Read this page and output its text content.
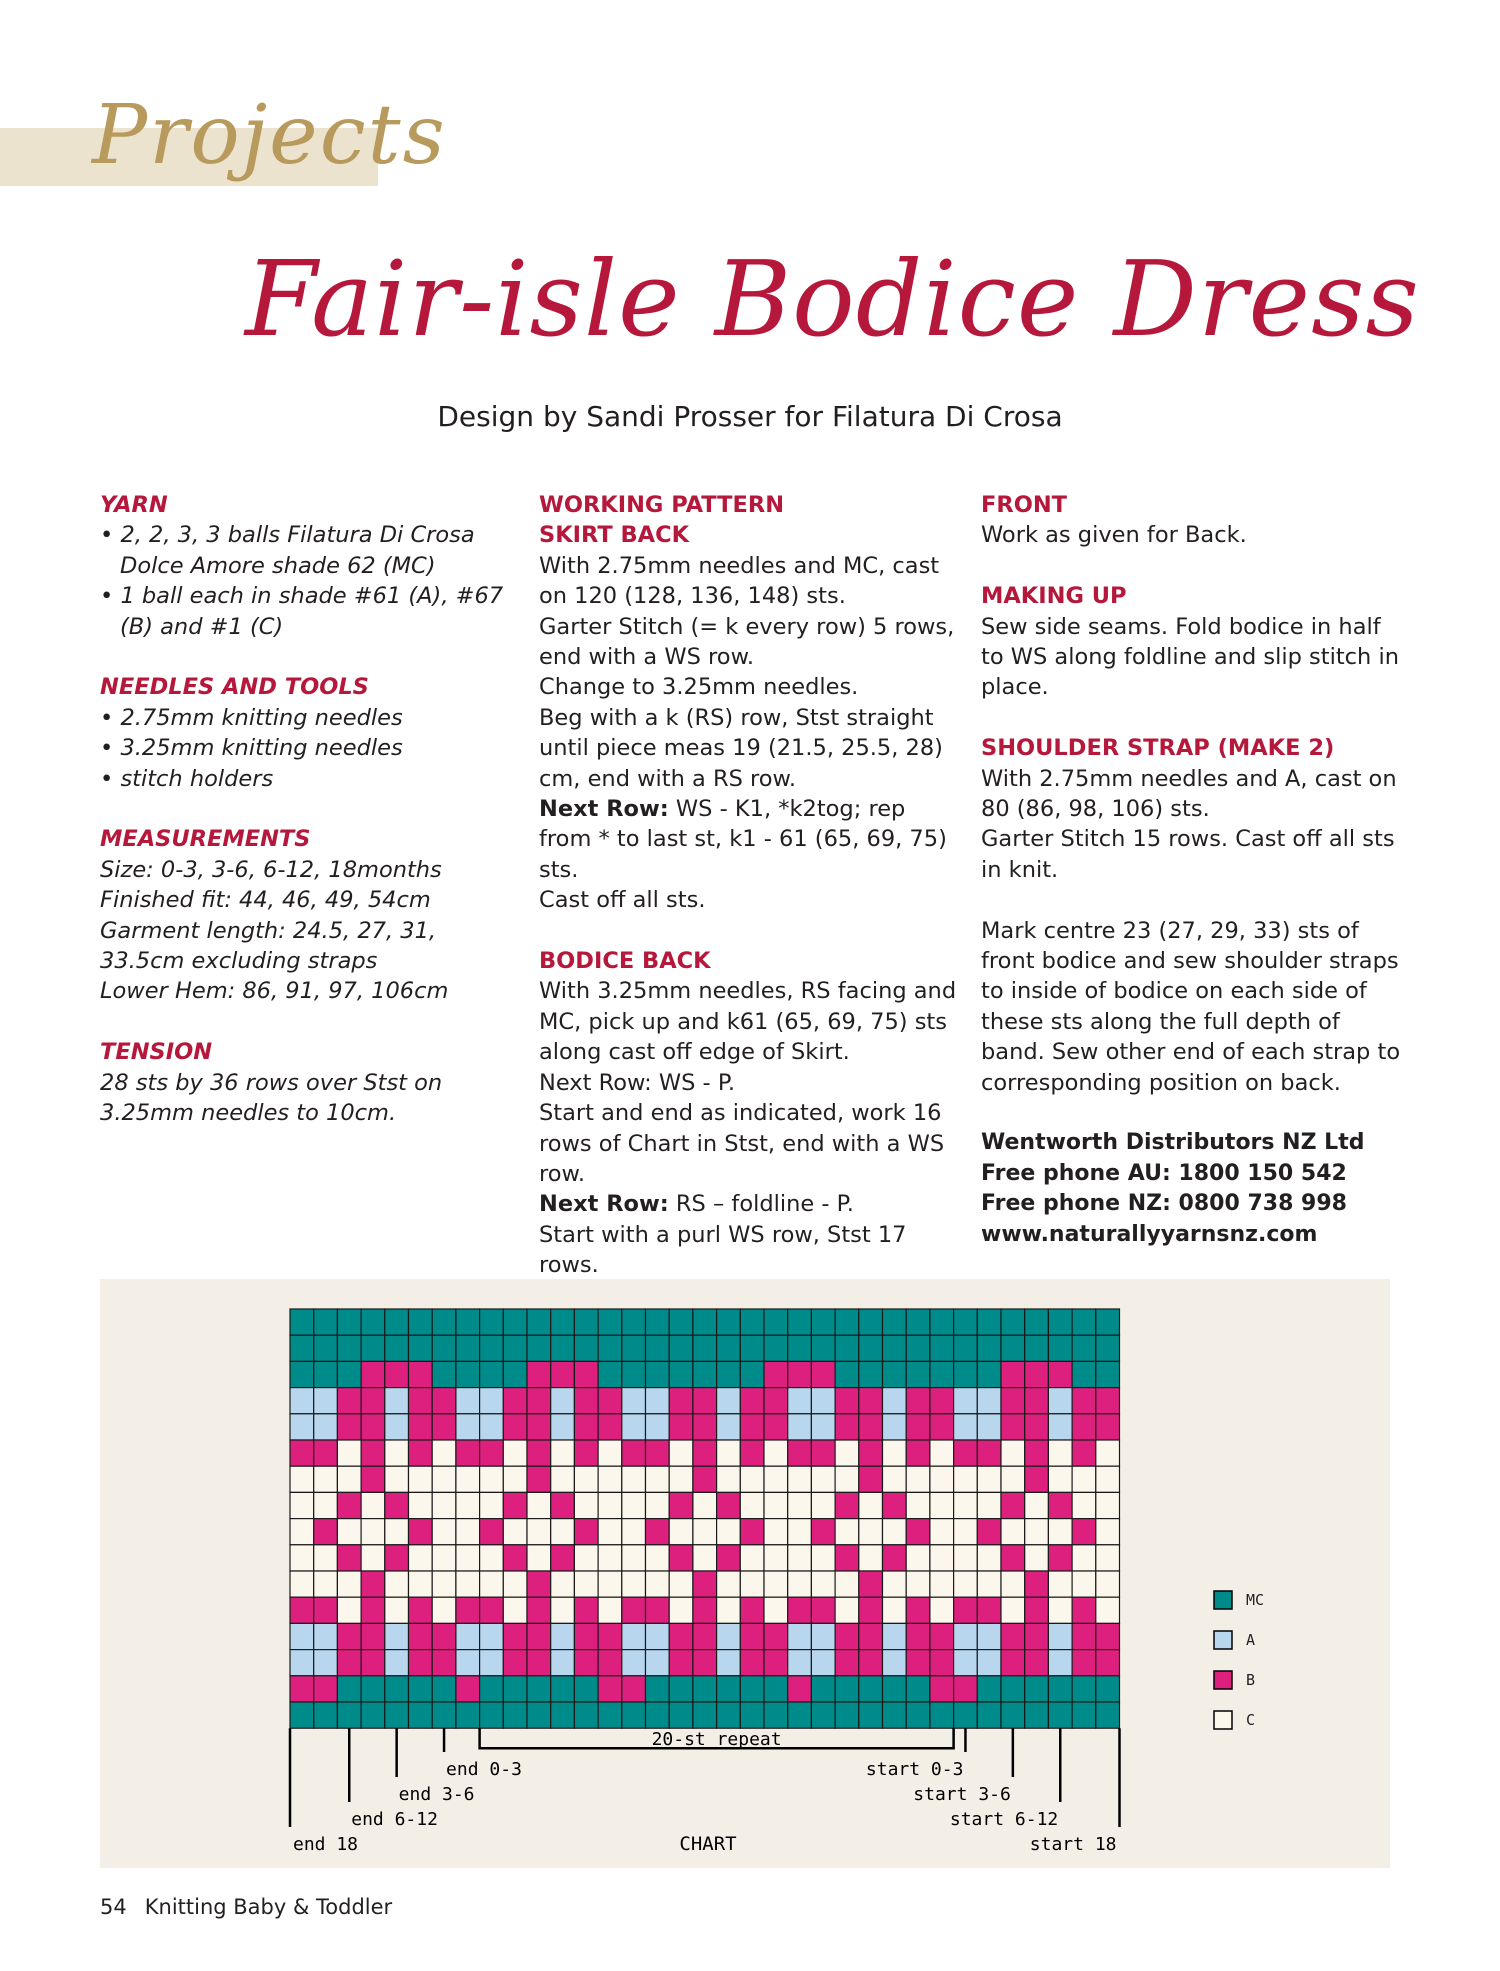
Projects
Fair-isle Bodice Dress
Design by Sandi Prosser for Filatura Di Crosa
YARN
• 2, 2, 3, 3 balls Filatura Di Crosa Dolce Amore shade 62 (MC)
• 1 ball each in shade #61 (A), #67 (B) and #1 (C)
NEEDLES AND TOOLS
• 2.75mm knitting needles
• 3.25mm knitting needles
• stitch holders
MEASUREMENTS
Size: 0-3, 3-6, 6-12, 18months
Finished fit: 44, 46, 49, 54cm
Garment length: 24.5, 27, 31, 33.5cm excluding straps
Lower Hem: 86, 91, 97, 106cm
TENSION
28 sts by 36 rows over Stst on 3.25mm needles to 10cm.
WORKING PATTERN
SKIRT BACK
With 2.75mm needles and MC, cast on 120 (128, 136, 148) sts.
Garter Stitch (= k every row) 5 rows, end with a WS row.
Change to 3.25mm needles.
Beg with a k (RS) row, Stst straight until piece meas 19 (21.5, 25.5, 28) cm, end with a RS row.
Next Row: WS - K1, *k2tog; rep from * to last st, k1 - 61 (65, 69, 75) sts.
Cast off all sts.
BODICE BACK
With 3.25mm needles, RS facing and MC, pick up and k61 (65, 69, 75) sts along cast off edge of Skirt.
Next Row: WS - P.
Start and end as indicated, work 16 rows of Chart in Stst, end with a WS row.
Next Row: RS – foldline - P.
Start with a purl WS row, Stst 17 rows.
FRONT
Work as given for Back.
MAKING UP
Sew side seams. Fold bodice in half to WS along foldline and slip stitch in place.
SHOULDER STRAP (MAKE 2)
With 2.75mm needles and A, cast on 80 (86, 98, 106) sts.
Garter Stitch 15 rows. Cast off all sts in knit.
Mark centre 23 (27, 29, 33) sts of front bodice and sew shoulder straps to inside of bodice on each side of these sts along the full depth of band. Sew other end of each strap to corresponding position on back.
Wentworth Distributors NZ Ltd
Free phone AU: 1800 150 542
Free phone NZ: 0800 738 998
www.naturallyyarnsnz.com
MC
A
B
C
20-st repeat
end 0-3
end 3-6
end 6-12
end 18
start 0-3
start 3-6
start 6-12
start 18
CHART
54 Knitting Baby & Toddler
